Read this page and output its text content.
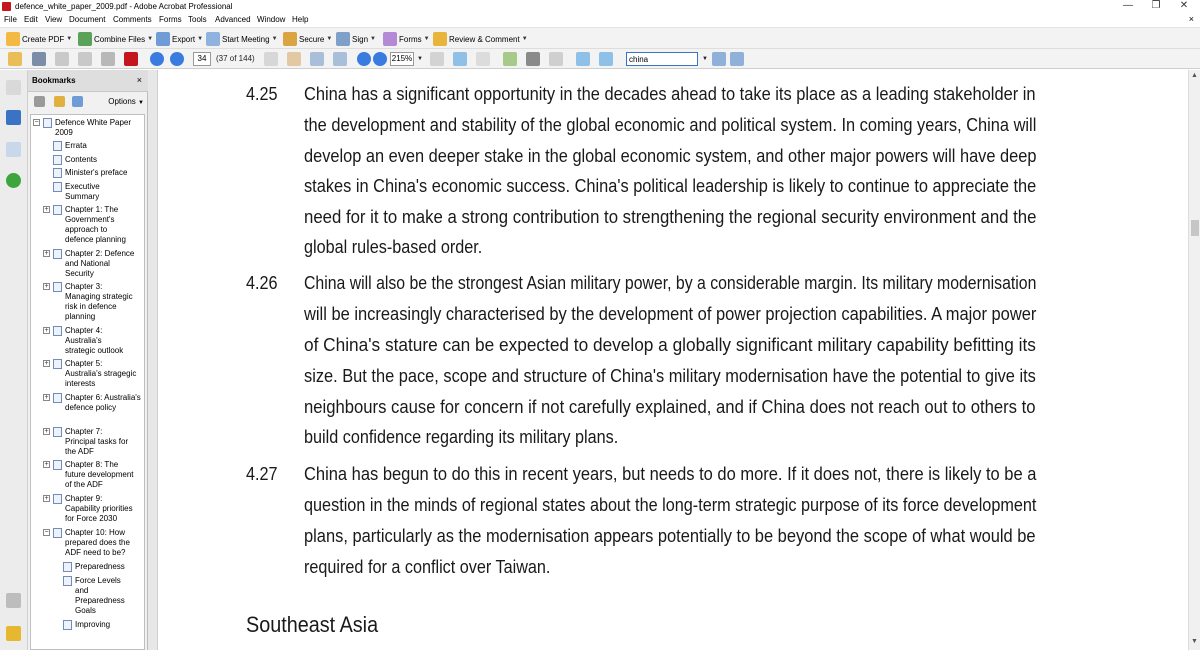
defence_white_paper_2009.pdf - Adobe Acrobat Professional	—	❐	✕
File Edit View Document Comments Forms Tools Advanced Window Help	×
Create PDF ▼	Combine Files ▼ Export ▼ Start Meeting ▼	Secure ▼ Sign ▼	Forms ▼ Review & Comment ▼
34	(37 of 144)	215% ▼
china	▼
Bookmarks	×
Options ▼
− Defence White Paper 2009
Errata
Contents
Minister's preface
Executive Summary
+ Chapter 1: The Government's approach to defence planning
+ Chapter 2: Defence and National Security
+ Chapter 3: Managing strategic risk in defence planning
+ Chapter 4: Australia's strategic outlook
+ Chapter 5: Australia's stragegic interests
+ Chapter 6: Australia's defence policy
+ Chapter 7: Principal tasks for the ADF
+ Chapter 8: The future development of the ADF
+ Chapter 9: Capability priorities for Force 2030
− Chapter 10: How prepared does the ADF need to be?
Preparedness
Force Levels and Preparedness Goals
Improving
4.25 China has a significant opportunity in the decades ahead to take its place as a leading stakeholder in
the development and stability of the global economic and political system. In coming years, China will
develop an even deeper stake in the global economic system, and other major powers will have deep
stakes in China's economic success. China's political leadership is likely to continue to appreciate the
need for it to make a strong contribution to strengthening the regional security environment and the
global rules-based order.
4.26 China will also be the strongest Asian military power, by a considerable margin. Its military modernisation
will be increasingly characterised by the development of power projection capabilities. A major power
of China's stature can be expected to develop a globally significant military capability befitting its
size. But the pace, scope and structure of China's military modernisation have the potential to give its
neighbours cause for concern if not carefully explained, and if China does not reach out to others to
build confidence regarding its military plans.
4.27 China has begun to do this in recent years, but needs to do more. If it does not, there is likely to be a
question in the minds of regional states about the long-term strategic purpose of its force development
plans, particularly as the modernisation appears potentially to be beyond the scope of what would be
required for a conflict over Taiwan.
Southeast Asia
▲
▼
